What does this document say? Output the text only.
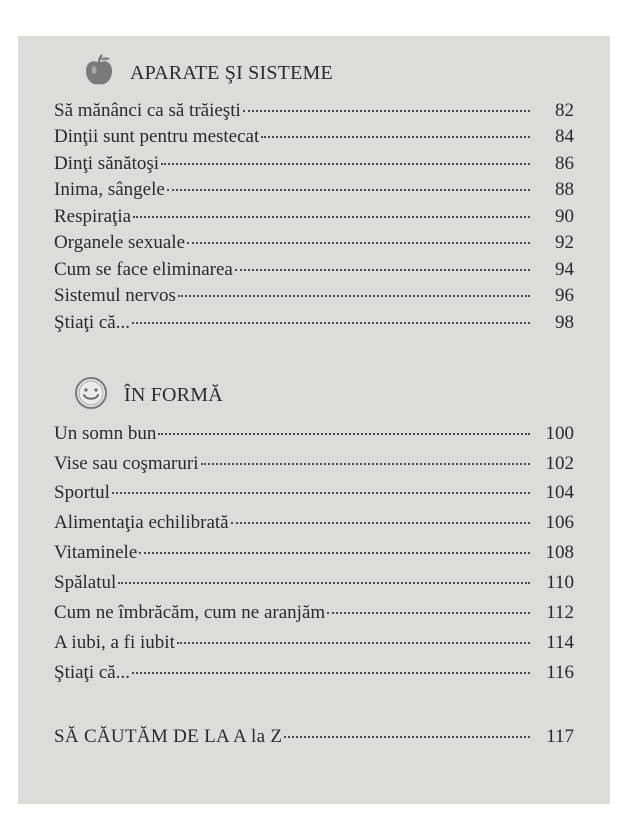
APARATE ŞI SISTEME
Să mănânci ca să trăieşti	82
Dinţii sunt pentru mestecat	84
Dinţi sănătoşi	86
Inima, sângele	88
Respiraţia	90
Organele sexuale	92
Cum se face eliminarea	94
Sistemul nervos	96
Ştiaţi că...	98
ÎN FORMĂ
Un somn bun	100
Vise sau coşmaruri	102
Sportul	104
Alimentaţia echilibrată	106
Vitaminele	108
Spălatul	110
Cum ne îmbrăcăm, cum ne aranjăm	112
A iubi, a fi iubit	114
Ştiaţi că...	116
SĂ CĂUTĂM DE LA A la Z	117
